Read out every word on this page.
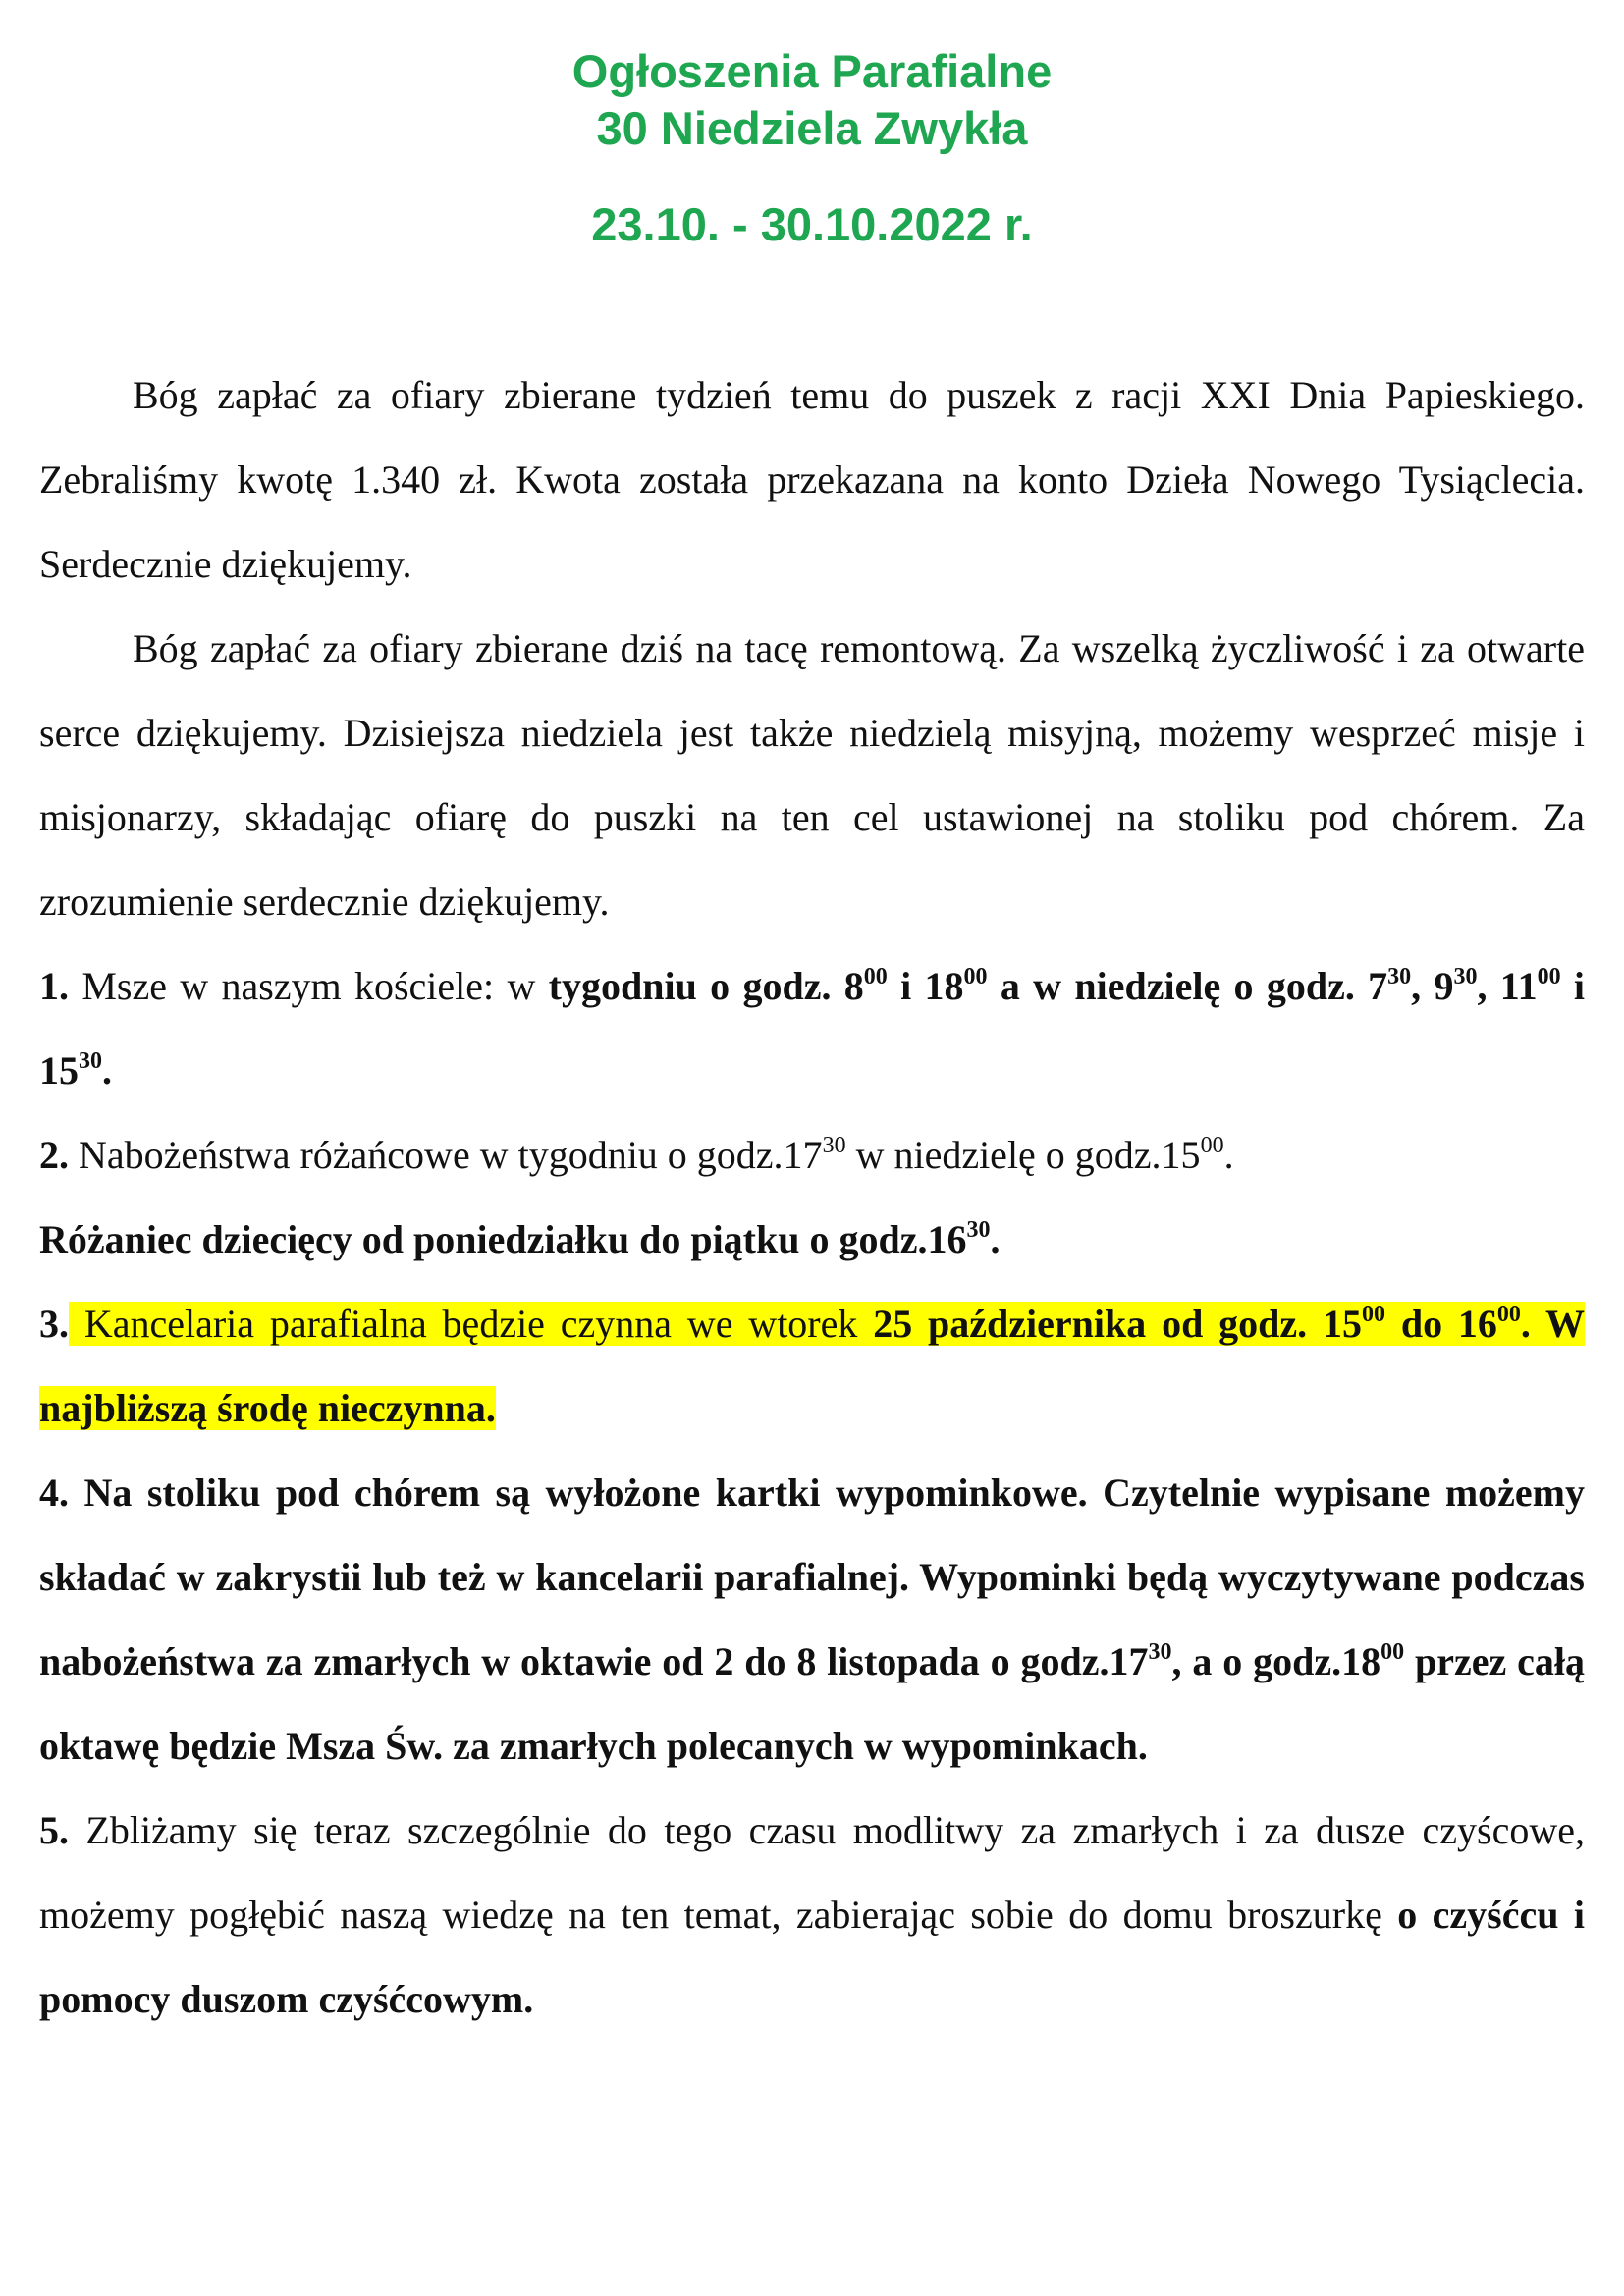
Ogłoszenia Parafialne
30 Niedziela Zwykła
23.10. - 30.10.2022 r.

Bóg zapłać za ofiary zbierane tydzień temu do puszek z racji XXI Dnia Papieskiego. Zebraliśmy kwotę 1.340 zł. Kwota została przekazana na konto Dzieła Nowego Tysiąclecia. Serdecznie dziękujemy.

Bóg zapłać za ofiary zbierane dziś na tacę remontową. Za wszelką życzliwość i za otwarte serce dziękujemy. Dzisiejsza niedziela jest także niedzielą misyjną, możemy wesprzeć misje i misjonarzy, składając ofiarę do puszki na ten cel ustawionej na stoliku pod chórem. Za zrozumienie serdecznie dziękujemy.

1. Msze w naszym kościele: w tygodniu o godz. $8^{00}$ i $18^{00}$ a w niedzielę o godz. $7^{30}$, $9^{30}$, $11^{00}$ i $15^{30}$.

2. Nabożeństwa różańcowe w tygodniu o $godz.17^{30}$ w niedzielę o $godz.15^{00}$.
Różaniec dziecięcy od poniedziałku do piątku o $godz.16^{30}$.

3. Kancelaria parafialna będzie czynna we wtorek 25 października od godz. $15^{00}$ do $16^{00}$. W najbliższą środę nieczynna.

4. Na stoliku pod chórem są wyłożone kartki wypominkowe. Czytelnie wypisane możemy składać w zakrystii lub też w kancelarii parafialnej. Wypominki będą wyczytywane podczas nabożeństwa za zmarłych w oktawie od 2 do 8 listopada o $godz.17^{30}$, a o $godz.18^{00}$ przez całą oktawę będzie Msza Św. za zmarłych polecanych w wypominkach.

5. Zbliżamy się teraz szczególnie do tego czasu modlitwy za zmarłych i za dusze czyścowe, możemy pogłębić naszą wiedzę na ten temat, zabierając sobie do domu broszurkę o czyśćcu i pomocy duszom czyśćcowym.
